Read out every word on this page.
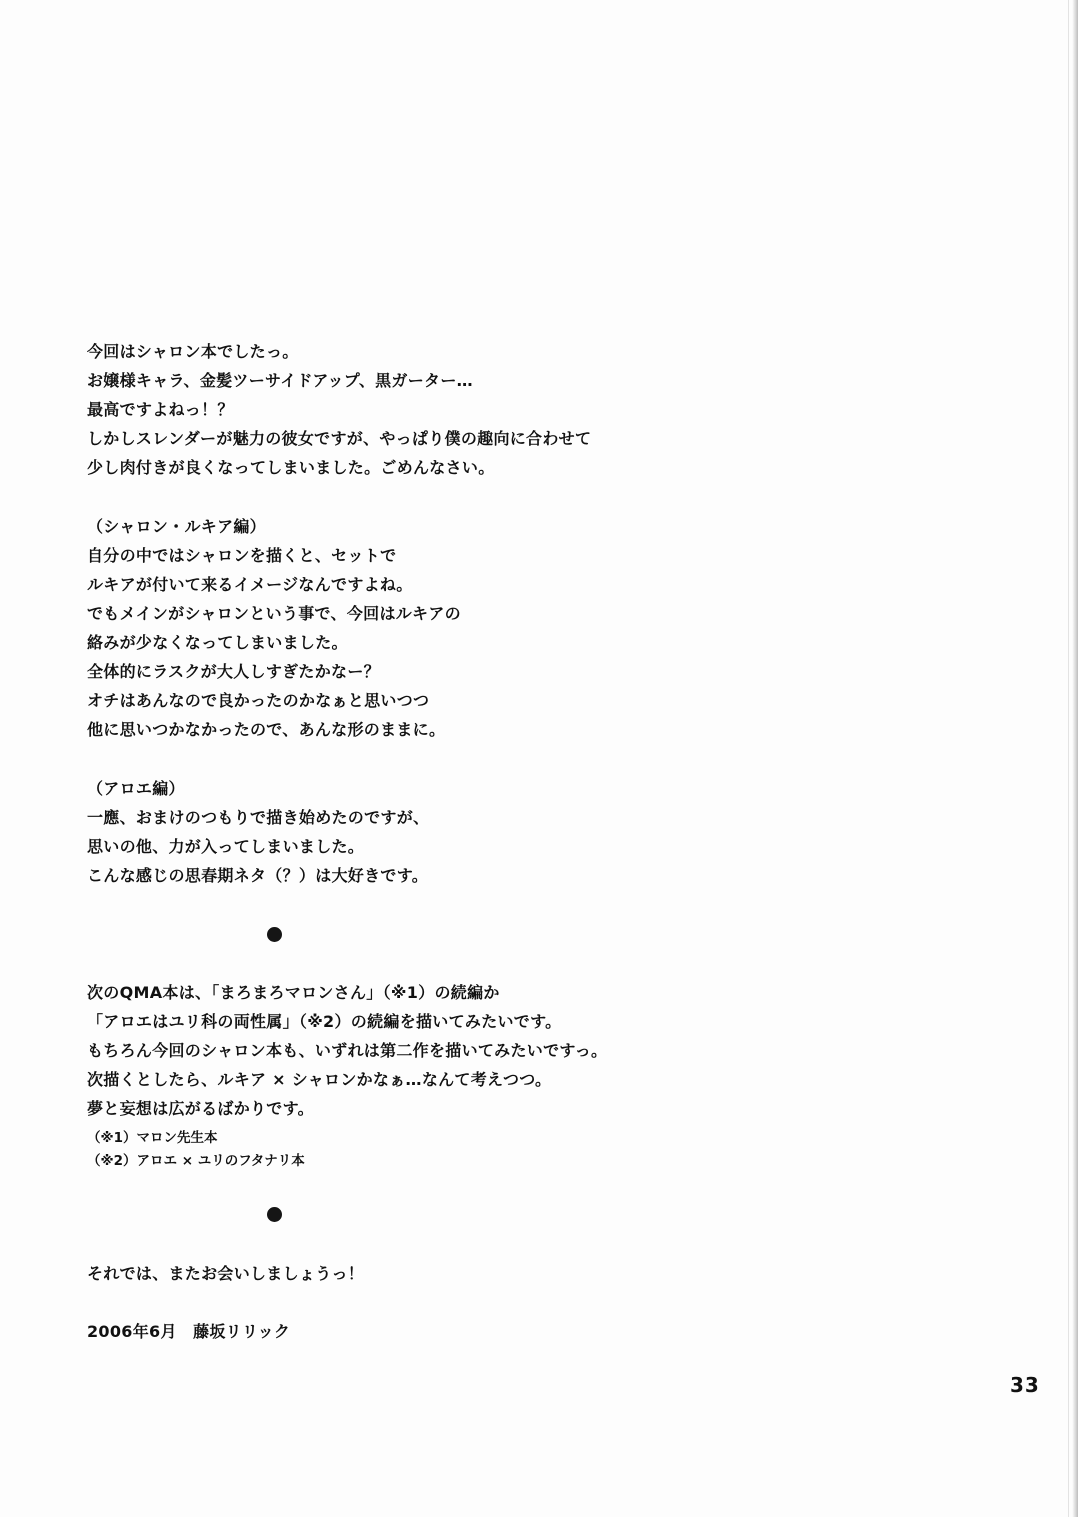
今回はシャロン本でしたっ。
お嬢様キャラ、金髪ツーサイドアップ、黒ガーター…
最高ですよねっ！？
しかしスレンダーが魅力の彼女ですが、やっぱり僕の趣向に合わせて
少し肉付きが良くなってしまいました。ごめんなさい。
（シャロン・ルキア編）
自分の中ではシャロンを描くと、セットで
ルキアが付いて来るイメージなんですよね。
でもメインがシャロンという事で、今回はルキアの
絡みが少なくなってしまいました。
全体的にラスクが大人しすぎたかなー？
オチはあんなので良かったのかなぁと思いつつ
他に思いつかなかったので、あんな形のままに。
（アロエ編）
一應、おまけのつもりで描き始めたのですが、
思いの他、力が入ってしまいました。
こんな感じの思春期ネタ（？）は大好きです。
次のQMA本は、「まろまろマロンさん」（※1）の続編か
「アロエはユリ科の両性属」（※2）の続編を描いてみたいです。
もちろん今回のシャロン本も、いずれは第二作を描いてみたいですっ。
次描くとしたら、ルキア × シャロンかなぁ…なんて考えつつ。
夢と妄想は広がるばかりです。
（※1）マロン先生本
（※2）アロエ × ユリのフタナリ本
それでは、またお会いしましょうっ！
2006年6月　藤坂リリック
33
